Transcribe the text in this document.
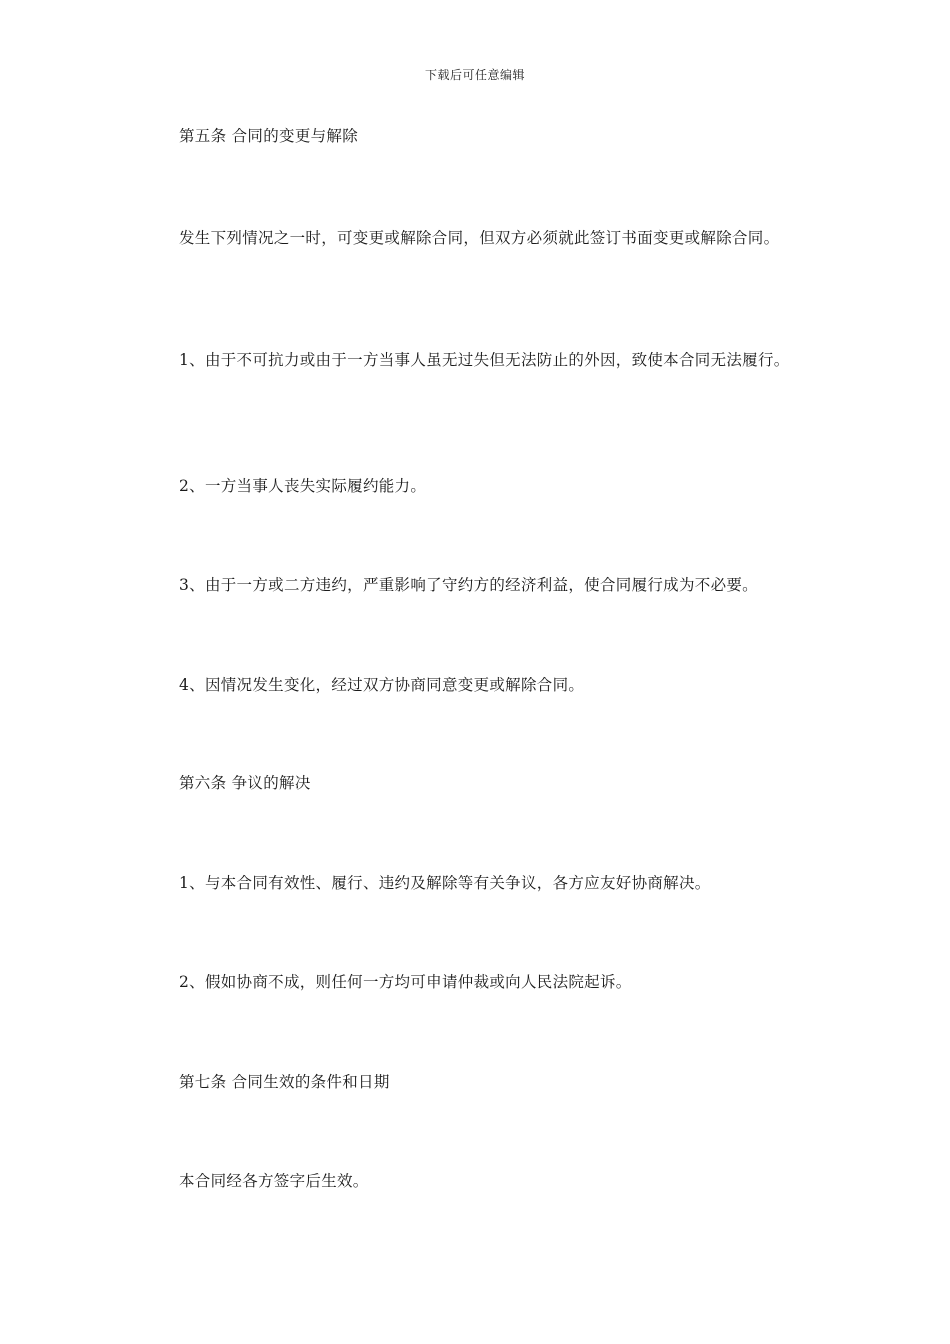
下载后可任意编辑

第五条 合同的变更与解除

发生下列情况之一时，可变更或解除合同，但双方必须就此签订书面变更或解除合同。

1、由于不可抗力或由于一方当事人虽无过失但无法防止的外因，致使本合同无法履行。

2、一方当事人丧失实际履约能力。

3、由于一方或二方违约，严重影响了守约方的经济利益，使合同履行成为不必要。

4、因情况发生变化，经过双方协商同意变更或解除合同。

第六条 争议的解决

1、与本合同有效性、履行、违约及解除等有关争议，各方应友好协商解决。

2、假如协商不成，则任何一方均可申请仲裁或向人民法院起诉。

第七条 合同生效的条件和日期

本合同经各方签字后生效。
